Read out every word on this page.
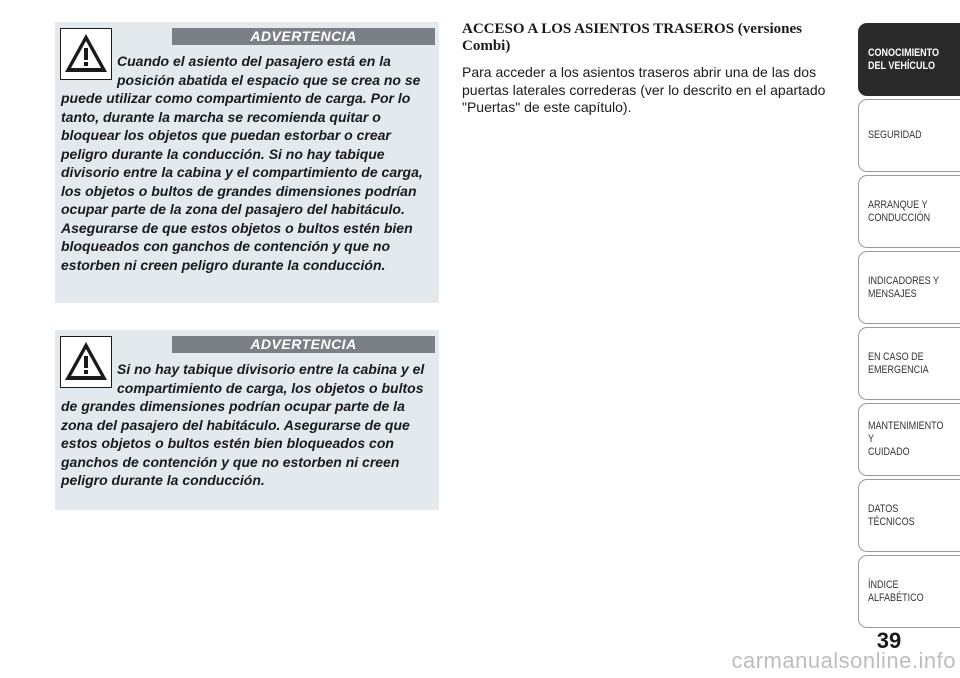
ADVERTENCIA

Cuando el asiento del pasajero está en la posición abatida el espacio que se crea no se puede utilizar como compartimiento de carga. Por lo tanto, durante la marcha se recomienda quitar o bloquear los objetos que puedan estorbar o crear peligro durante la conducción. Si no hay tabique divisorio entre la cabina y el compartimiento de carga, los objetos o bultos de grandes dimensiones podrían ocupar parte de la zona del pasajero del habitáculo. Asegurarse de que estos objetos o bultos estén bien bloqueados con ganchos de contención y que no estorben ni creen peligro durante la conducción.

ADVERTENCIA

Si no hay tabique divisorio entre la cabina y el compartimiento de carga, los objetos o bultos de grandes dimensiones podrían ocupar parte de la zona del pasajero del habitáculo. Asegurarse de que estos objetos o bultos estén bien bloqueados con ganchos de contención y que no estorben ni creen peligro durante la conducción.

ACCESO A LOS ASIENTOS TRASEROS (versiones Combi)

Para acceder a los asientos traseros abrir una de las dos puertas laterales correderas (ver lo descrito en el apartado "Puertas" de este capítulo).

CONOCIMIENTO
DEL VEHÍCULO
SEGURIDAD
ARRANQUE Y
CONDUCCIÓN
INDICADORES Y
MENSAJES
EN CASO DE
EMERGENCIA
MANTENIMIENTO Y
CUIDADO
DATOS TÉCNICOS
ÍNDICE ALFABÉTICO
39
carmanualsonline.info
